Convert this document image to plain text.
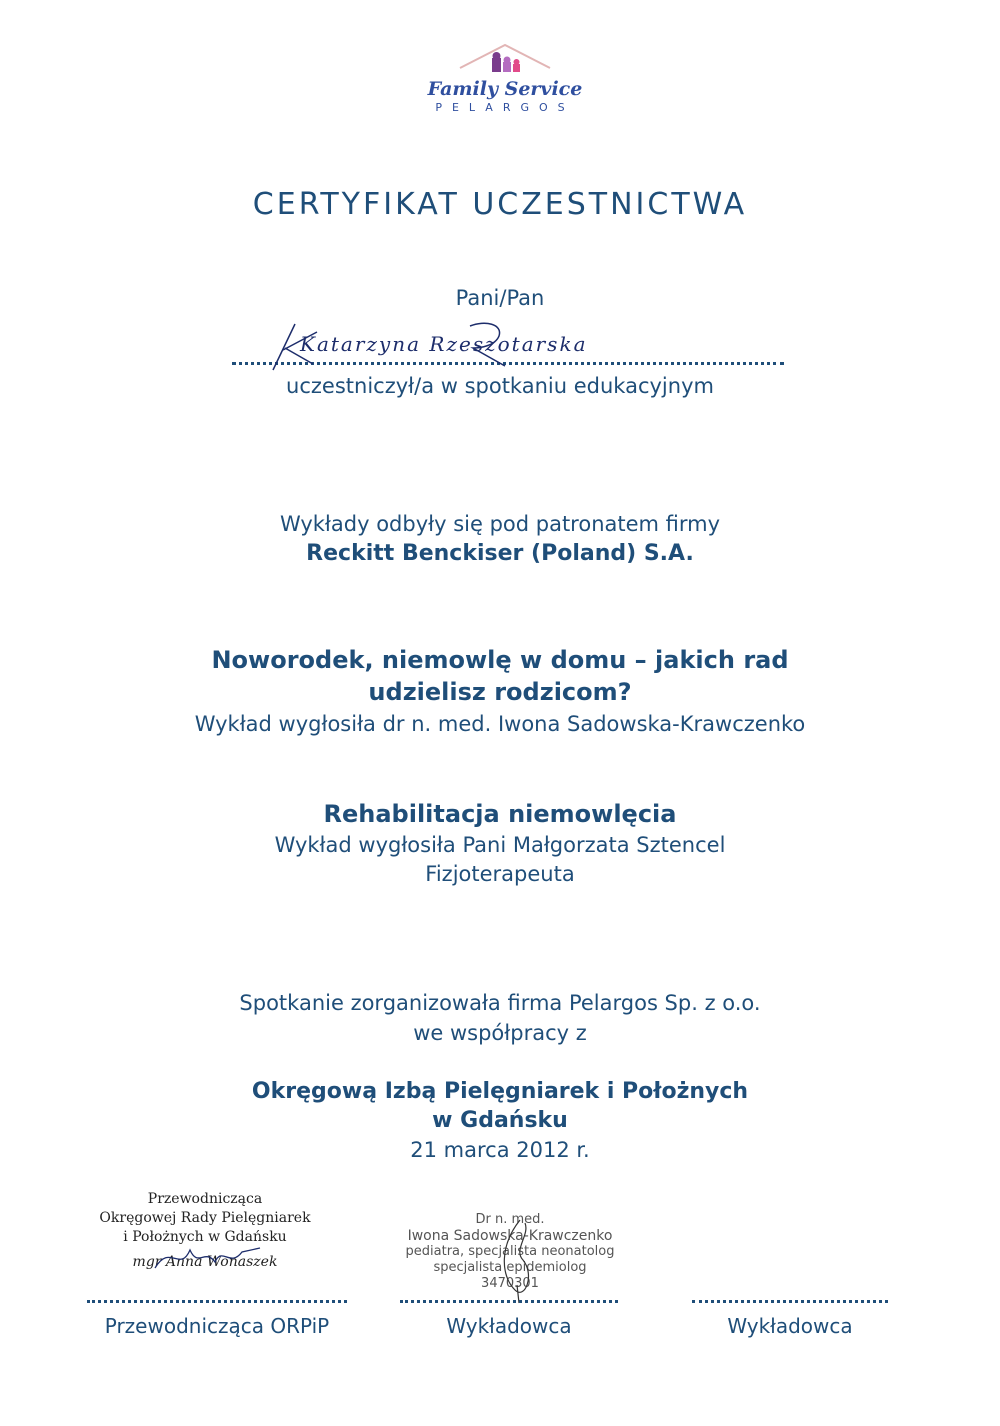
Family Service
PELARGOS
CERTYFIKAT UCZESTNICTWA
Pani/Pan
Katarzyna Rzeszotarska
uczestniczył/a w spotkaniu edukacyjnym
Wykłady odbyły się pod patronatem firmy
Reckitt Benckiser (Poland) S.A.
Noworodek, niemowlę w domu – jakich rad
udzielisz rodzicom?
Wykład wygłosiła dr n. med. Iwona Sadowska-Krawczenko
Rehabilitacja niemowlęcia
Wykład wygłosiła Pani Małgorzata Sztencel
Fizjoterapeuta
Spotkanie zorganizowała firma Pelargos Sp. z o.o.
we współpracy z
Okręgową Izbą Pielęgniarek i Położnych
w Gdańsku
21 marca 2012 r.
Przewodnicząca
Okręgowej Rady Pielęgniarek
i Położnych w Gdańsku
mgr Anna Wonaszek
Dr n. med.
Iwona Sadowska-Krawczenko
pediatra, specjalista neonatolog
specjalista epidemiolog
3470301
Przewodnicząca ORPiP	Wykładowca	Wykładowca
